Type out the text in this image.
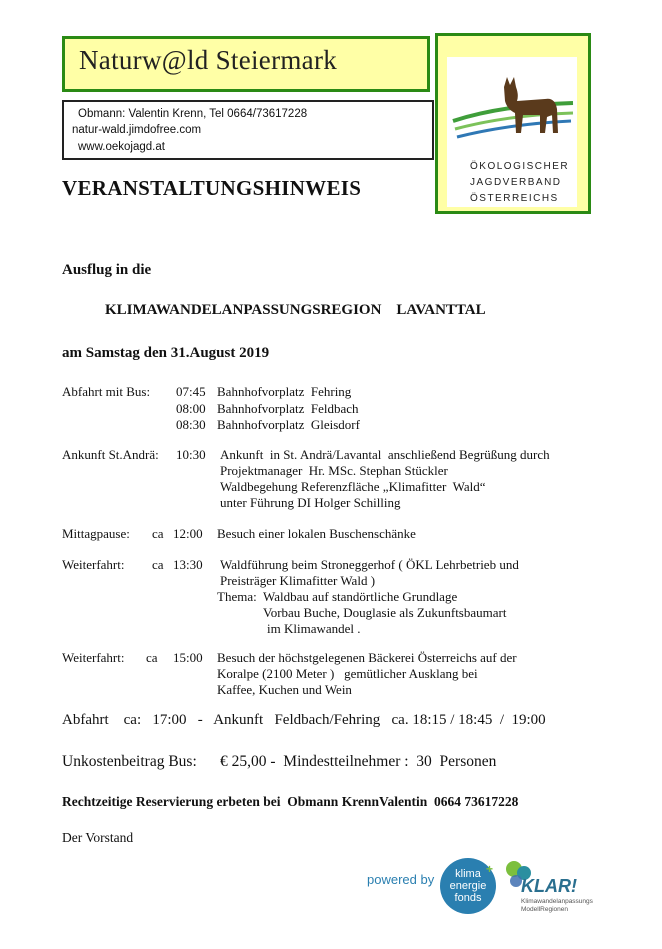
Naturw@ld Steiermark
Obmann: Valentin Krenn, Tel 0664/73617228
natur-wald.jimdofree.com
www.oekojagd.at
ÖKOLOGISCHER
JAGDVERBAND
ÖSTERREICHS
VERANSTALTUNGSHINWEIS
Ausflug in die
KLIMAWANDELANPASSUNGSREGION    LAVANTTAL
am Samstag den 31.August 2019
Abfahrt mit Bus: 07:45 Bahnhofvorplatz  Fehring
08:00 Bahnhofvorplatz  Feldbach
08:30 Bahnhofvorplatz  Gleisdorf
Ankunft St.Andrä: 10:30 Ankunft  in St. Andrä/Lavantal  anschließend Begrüßung durch
Projektmanager  Hr. MSc. Stephan Stückler
Waldbegehung Referenzfläche „Klimafitter  Wald“
unter Führung DI Holger Schilling
Mittagpause: ca 12:00 Besuch einer lokalen Buschenschänke
Weiterfahrt: ca 13:30 Waldführung beim Stroneggerhof ( ÖKL Lehrbetrieb und
Preisträger Klimafitter Wald )
Thema:  Waldbau auf standörtliche Grundlage
Vorbau Buche, Douglasie als Zukunftsbaumart
im Klimawandel .
Weiterfahrt: ca 15:00 Besuch der höchstgelegenen Bäckerei Österreichs auf der
Koralpe (2100 Meter )   gemütlicher Ausklang bei
Kaffee, Kuchen und Wein
Abfahrt    ca:   17:00   -   Ankunft   Feldbach/Fehring   ca. 18:15 / 18:45  /  19:00
Unkostenbeitrag Bus:      € 25,00 -  Mindestteilnehmer :  30  Personen
Rechtzeitige Reservierung erbeten bei  Obmann KrennValentin  0664 73617228
Der Vorstand
powered by	klima
energie
fonds
+
KLAR!
Klimawandelanpassungs
ModellRegionen
